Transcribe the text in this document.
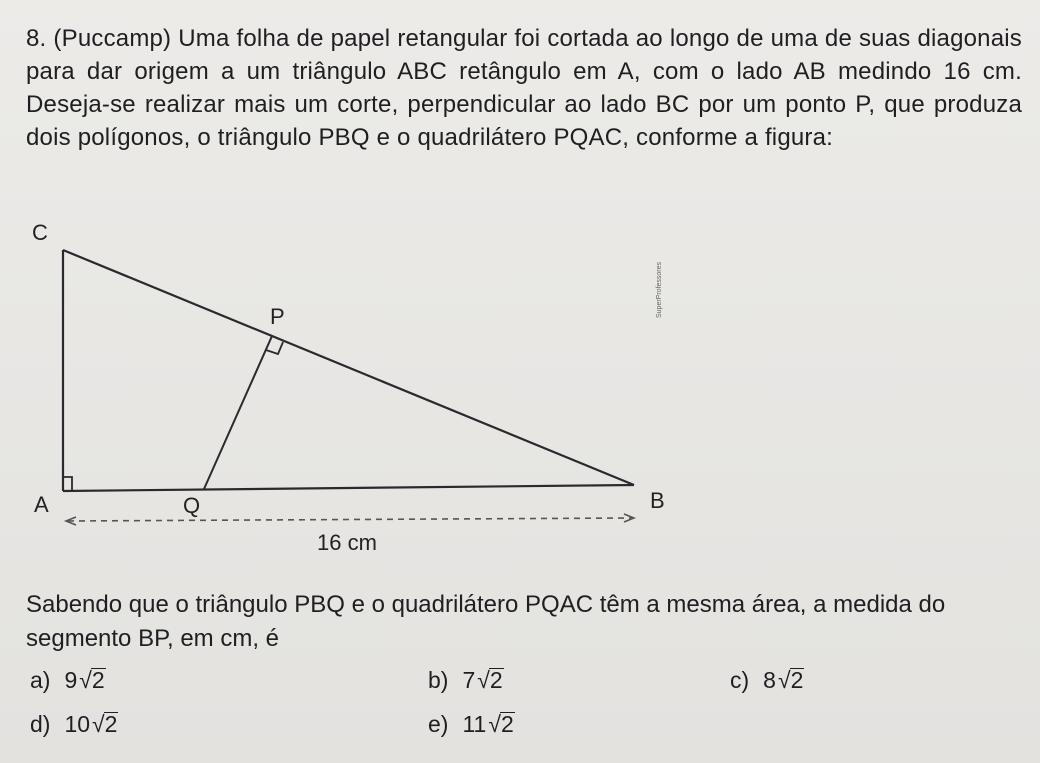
8. (Puccamp) Uma folha de papel retangular foi cortada ao longo de uma de suas diagonais para dar origem a um triângulo ABC retângulo em A, com o lado AB medindo 16 cm. Deseja-se realizar mais um corte, perpendicular ao lado BC por um ponto P, que produza dois polígonos, o triângulo PBQ e o quadrilátero PQAC, conforme a figura:

C
P
A	Q	B
16 cm
SuperProfessores

Sabendo que o triângulo PBQ e o quadrilátero PQAC têm a mesma área, a medida do segmento BP, em cm, é

a) 9√2	b) 7√2	c) 8√2
d) 10√2	e) 11√2
